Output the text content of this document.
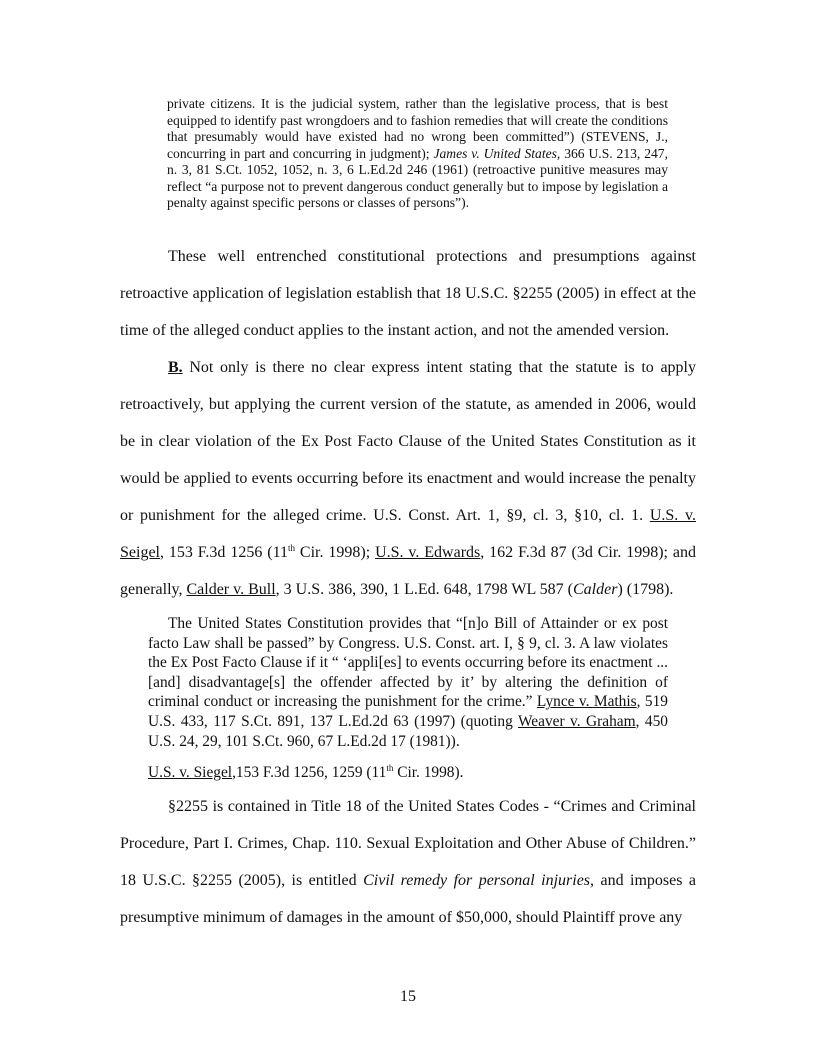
private citizens. It is the judicial system, rather than the legislative process, that is best equipped to identify past wrongdoers and to fashion remedies that will create the conditions that presumably would have existed had no wrong been committed”) (STEVENS, J., concurring in part and concurring in judgment); James v. United States, 366 U.S. 213, 247, n. 3, 81 S.Ct. 1052, 1052, n. 3, 6 L.Ed.2d 246 (1961) (retroactive punitive measures may reflect “a purpose not to prevent dangerous conduct generally but to impose by legislation a penalty against specific persons or classes of persons”).

These well entrenched constitutional protections and presumptions against retroactive application of legislation establish that 18 U.S.C. §2255 (2005) in effect at the time of the alleged conduct applies to the instant action, and not the amended version.

B. Not only is there no clear express intent stating that the statute is to apply retroactively, but applying the current version of the statute, as amended in 2006, would be in clear violation of the Ex Post Facto Clause of the United States Constitution as it would be applied to events occurring before its enactment and would increase the penalty or punishment for the alleged crime. U.S. Const. Art. 1, §9, cl. 3, §10, cl. 1. U.S. v. Seigel, 153 F.3d 1256 (11th Cir. 1998); U.S. v. Edwards, 162 F.3d 87 (3d Cir. 1998); and generally, Calder v. Bull, 3 U.S. 386, 390, 1 L.Ed. 648, 1798 WL 587 (Calder) (1798).

The United States Constitution provides that “[n]o Bill of Attainder or ex post facto Law shall be passed” by Congress. U.S. Const. art. I, § 9, cl. 3. A law violates the Ex Post Facto Clause if it “ ‘appli[es] to events occurring before its enactment ... [and] disadvantage[s] the offender affected by it’ by altering the definition of criminal conduct or increasing the punishment for the crime.” Lynce v. Mathis, 519 U.S. 433, 117 S.Ct. 891, 137 L.Ed.2d 63 (1997) (quoting Weaver v. Graham, 450 U.S. 24, 29, 101 S.Ct. 960, 67 L.Ed.2d 17 (1981)).
U.S. v. Siegel,153 F.3d 1256, 1259 (11th Cir. 1998).

§2255 is contained in Title 18 of the United States Codes - “Crimes and Criminal Procedure, Part I. Crimes, Chap. 110. Sexual Exploitation and Other Abuse of Children.” 18 U.S.C. §2255 (2005), is entitled Civil remedy for personal injuries, and imposes a presumptive minimum of damages in the amount of $50,000, should Plaintiff prove any

15
